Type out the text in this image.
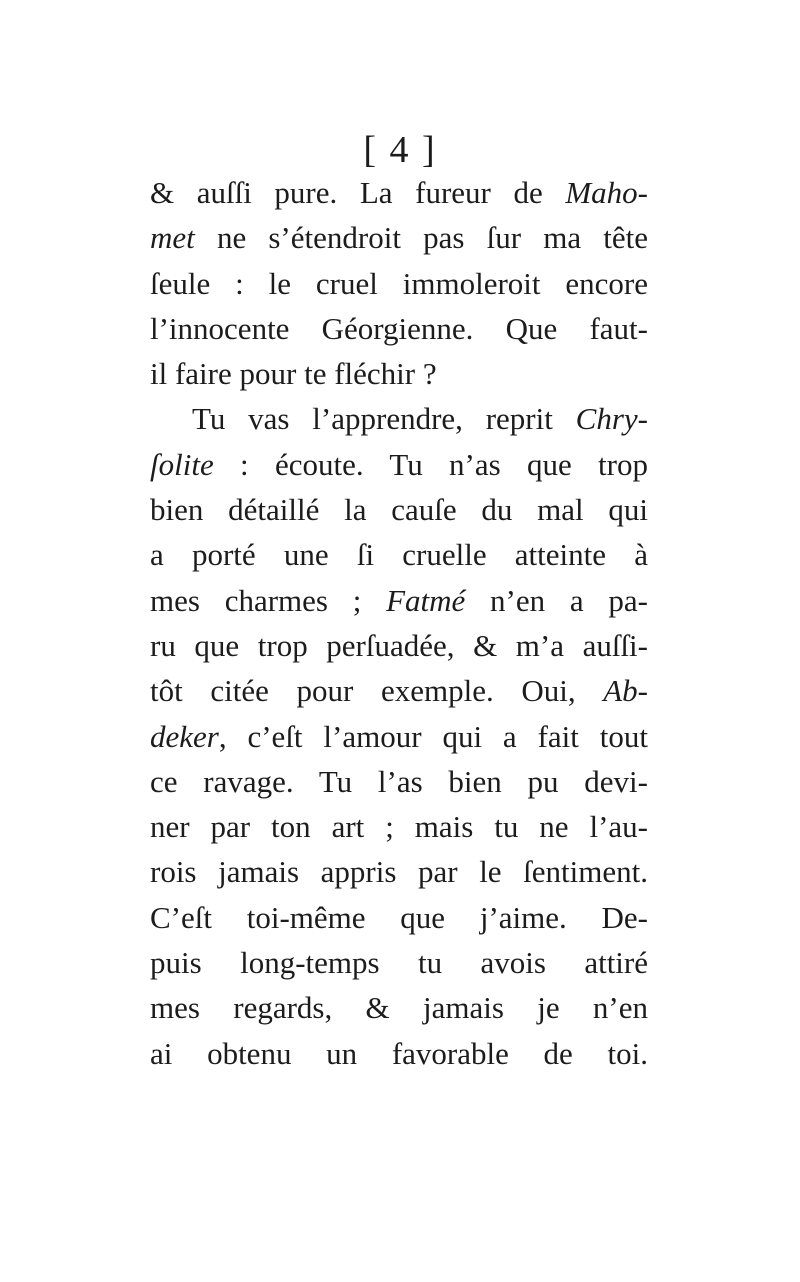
[ 4 ]
& auſſi pure. La fureur de Maho-
met ne s’étendroit pas ſur ma tête
ſeule : le cruel immoleroit encore
l’innocente Géorgienne. Que faut-
il faire pour te fléchir ?
Tu vas l’apprendre, reprit Chry-
ſolite : écoute. Tu n’as que trop
bien détaillé la cauſe du mal qui
a porté une ſi cruelle atteinte à
mes charmes ; Fatmé n’en a pa-
ru que trop perſuadée, & m’a auſſi-
tôt citée pour exemple. Oui, Ab-
deker, c’eſt l’amour qui a fait tout
ce ravage. Tu l’as bien pu devi-
ner par ton art ; mais tu ne l’au-
rois jamais appris par le ſentiment.
C’eſt toi-même que j’aime. De-
puis long-temps tu avois attiré
mes regards, & jamais je n’en
ai obtenu un favorable de toi.
